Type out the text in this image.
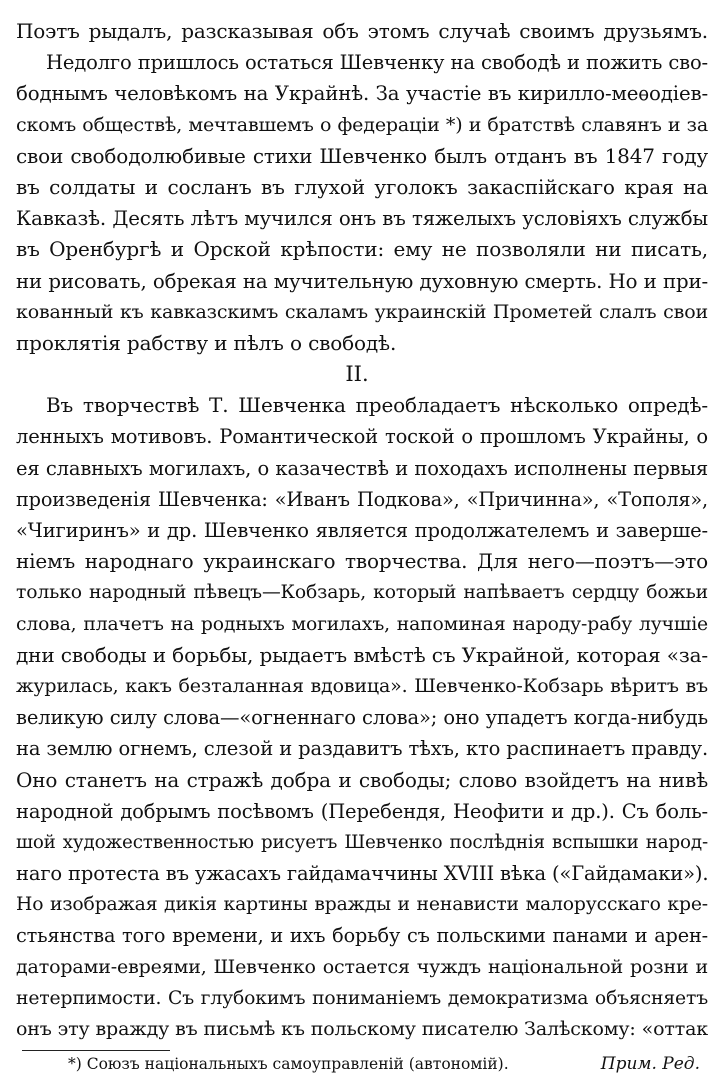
Поэтъ рыдалъ, разсказывая объ этомъ случаѣ своимъ друзьямъ.
Недолго пришлось остаться Шевченку на свободѣ и пожить сво-
боднымъ человѣкомъ на Украйнѣ. За участіе въ кирилло-меѳодіев-
скомъ обществѣ, мечтавшемъ о федераціи *) и братствѣ славянъ и за
свои свободолюбивые стихи Шевченко былъ отданъ въ 1847 году
въ солдаты и сосланъ въ глухой уголокъ закаспійскаго края на
Кавказѣ. Десять лѣтъ мучился онъ въ тяжелыхъ условіяхъ службы
въ Оренбургѣ и Орской крѣпости: ему не позволяли ни писать,
ни рисовать, обрекая на мучительную духовную смерть. Но и при-
кованный къ кавказскимъ скаламъ украинскій Прометей слалъ свои
проклятія рабству и пѣлъ о свободѣ.
II.
Въ творчествѣ Т. Шевченка преобладаетъ нѣсколько опредѣ-
ленныхъ мотивовъ. Романтической тоской о прошломъ Украйны, о
ея славныхъ могилахъ, о казачествѣ и походахъ исполнены первыя
произведенія Шевченка: «Иванъ Подкова», «Причинна», «Тополя»,
«Чигиринъ» и др. Шевченко является продолжателемъ и заверше-
ніемъ народнаго украинскаго творчества. Для него—поэтъ—это
только народный пѣвецъ—Кобзарь, который напѣваетъ сердцу божьи
слова, плачетъ на родныхъ могилахъ, напоминая народу-рабу лучшіе
дни свободы и борьбы, рыдаетъ вмѣстѣ съ Украйной, которая «за-
журилась, какъ безталанная вдовица». Шевченко-Кобзарь вѣритъ въ
великую силу слова—«огненнаго слова»; оно упадетъ когда-нибудь
на землю огнемъ, слезой и раздавитъ тѣхъ, кто распинаетъ правду.
Оно станетъ на стражѣ добра и свободы; слово взойдетъ на нивѣ
народной добрымъ посѣвомъ (Перебендя, Неофити и др.). Съ боль-
шой художественностью рисуетъ Шевченко послѣднія вспышки народ-
наго протеста въ ужасахъ гайдамаччины XVIII вѣка («Гайдамаки»).
Но изображая дикія картины вражды и ненависти малорусскаго кре-
стьянства того времени, и ихъ борьбу съ польскими панами и арен-
даторами-евреями, Шевченко остается чуждъ національной розни и
нетерпимости. Съ глубокимъ пониманіемъ демократизма объясняетъ
онъ эту вражду въ письмѣ къ польскому писателю Залѣскому: «оттак
*) Союзъ національныхъ самоуправленій (автономій).	Прим. Ред.
